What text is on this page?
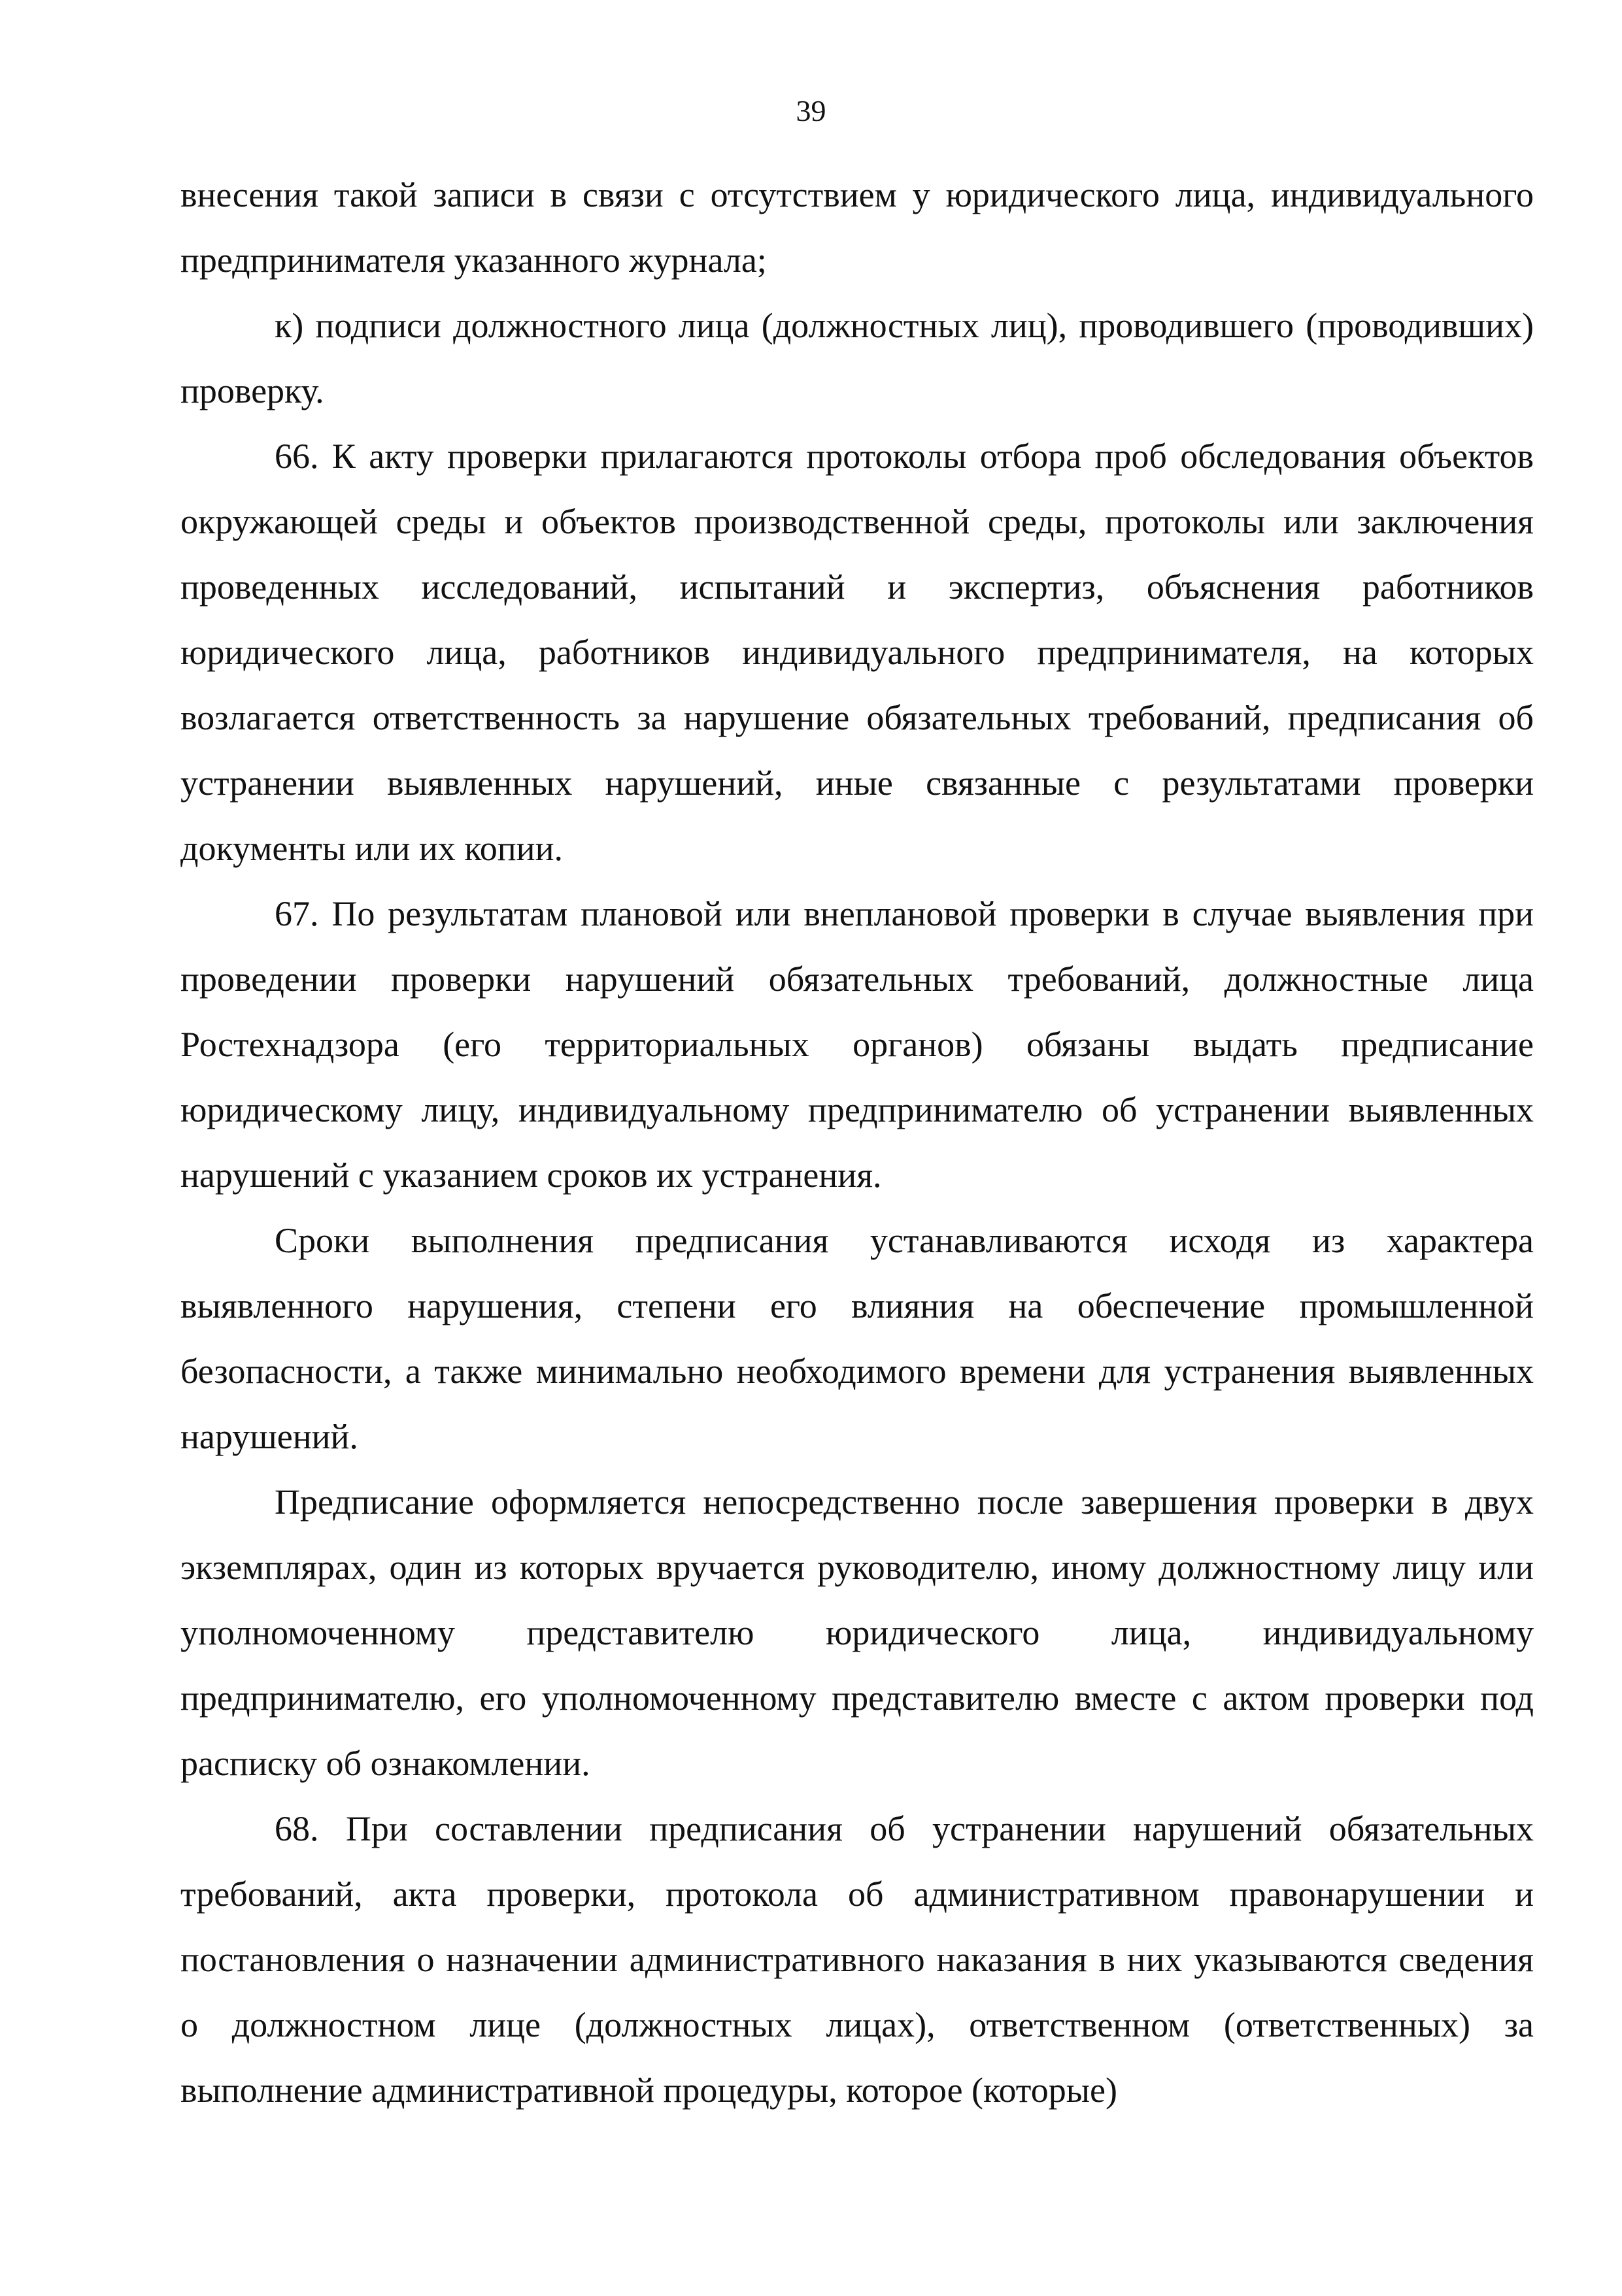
39

внесения такой записи в связи с отсутствием у юридического лица, индивидуального предпринимателя указанного журнала;

к) подписи должностного лица (должностных лиц), проводившего (проводивших) проверку.

66. К акту проверки прилагаются протоколы отбора проб обследования объектов окружающей среды и объектов производственной среды, протоколы или заключения проведенных исследований, испытаний и экспертиз, объяснения работников юридического лица, работников индивидуального предпринимателя, на которых возлагается ответственность за нарушение обязательных требований, предписания об устранении выявленных нарушений, иные связанные с результатами проверки документы или их копии.

67. По результатам плановой или внеплановой проверки в случае выявления при проведении проверки нарушений обязательных требований, должностные лица Ростехнадзора (его территориальных органов) обязаны выдать предписание юридическому лицу, индивидуальному предпринимателю об устранении выявленных нарушений с указанием сроков их устранения.

Сроки выполнения предписания устанавливаются исходя из характера выявленного нарушения, степени его влияния на обеспечение промышленной безопасности, а также минимально необходимого времени для устранения выявленных нарушений.

Предписание оформляется непосредственно после завершения проверки в двух экземплярах, один из которых вручается руководителю, иному должностному лицу или уполномоченному представителю юридического лица, индивидуальному предпринимателю, его уполномоченному представителю вместе с актом проверки под расписку об ознакомлении.

68. При составлении предписания об устранении нарушений обязательных требований, акта проверки, протокола об административном правонарушении и постановления о назначении административного наказания в них указываются сведения о должностном лице (должностных лицах), ответственном (ответственных) за выполнение административной процедуры, которое (которые)
